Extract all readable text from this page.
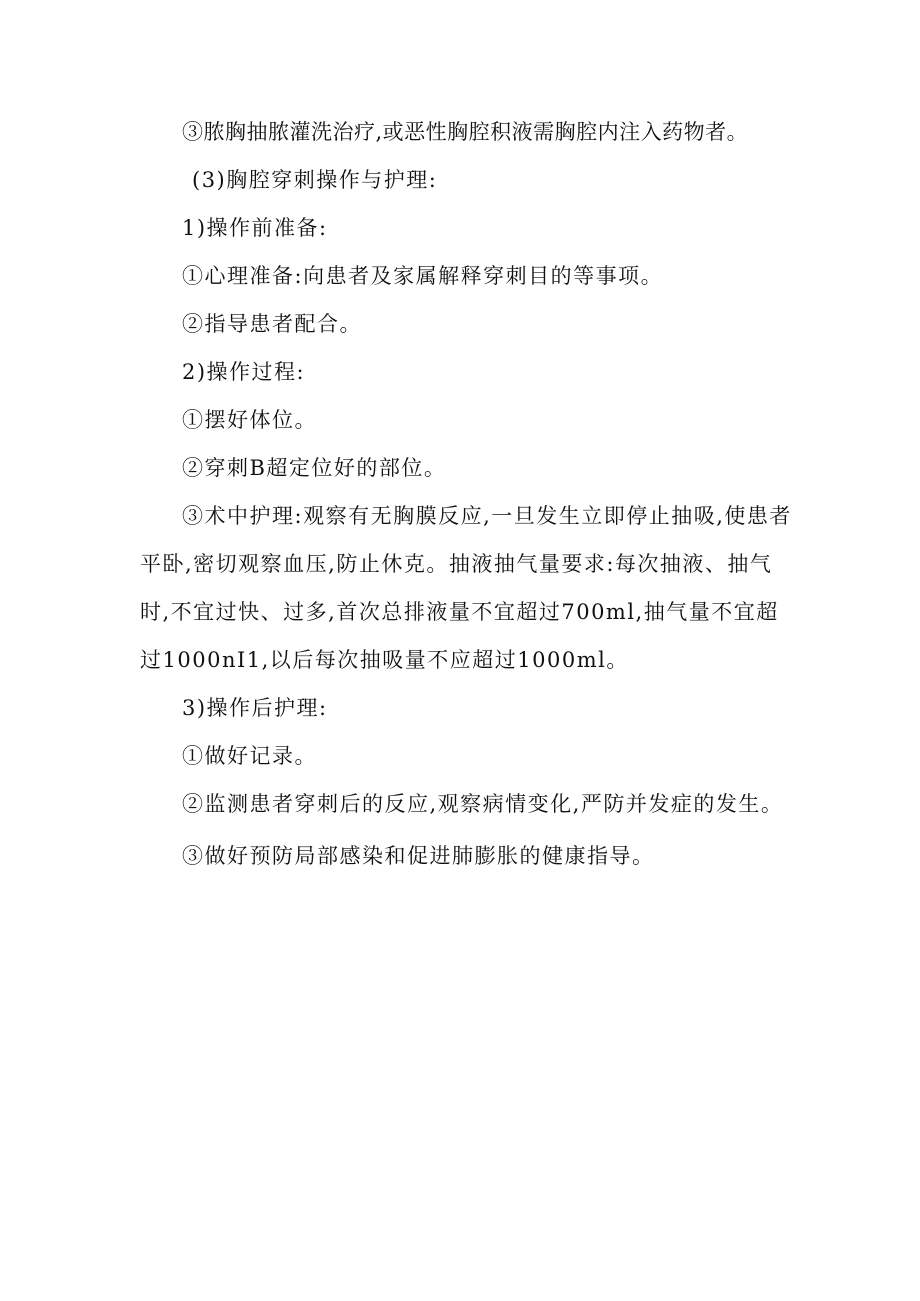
③脓胸抽脓灌洗治疗,或恶性胸腔积液需胸腔内注入药物者。

(3)胸腔穿刺操作与护理:

1)操作前准备:

①心理准备:向患者及家属解释穿刺目的等事项。

②指导患者配合。

2)操作过程:

①摆好体位。

②穿刺B超定位好的部位。

③术中护理:观察有无胸膜反应,一旦发生立即停止抽吸,使患者平卧,密切观察血压,防止休克。抽液抽气量要求:每次抽液、抽气时,不宜过快、过多,首次总排液量不宜超过700ml,抽气量不宜超过1000nI1,以后每次抽吸量不应超过1000ml。

3)操作后护理:

①做好记录。

②监测患者穿刺后的反应,观察病情变化,严防并发症的发生。

③做好预防局部感染和促进肺膨胀的健康指导。
